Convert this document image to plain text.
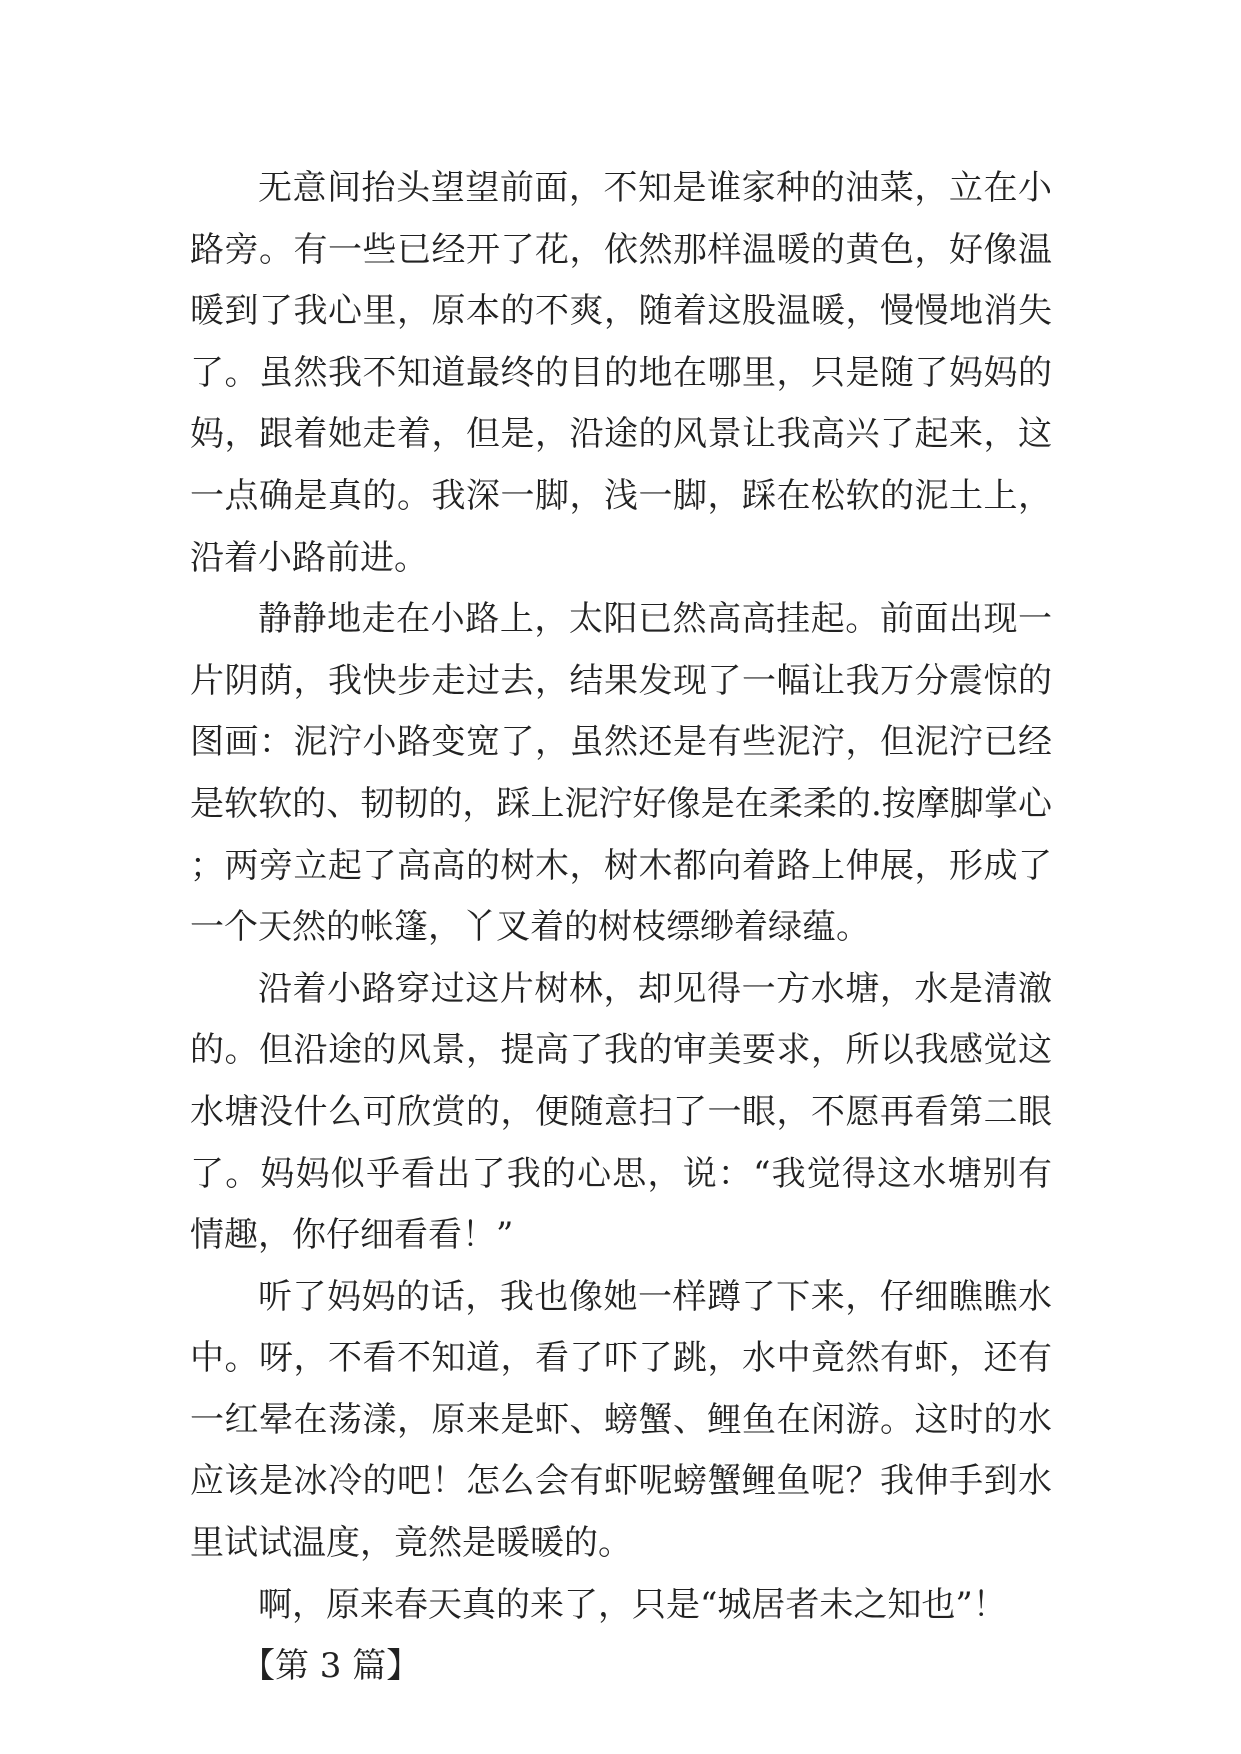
无意间抬头望望前面，不知是谁家种的油菜，立在小路旁。有一些已经开了花，依然那样温暖的黄色，好像温暖到了我心里，原本的不爽，随着这股温暖，慢慢地消失了。虽然我不知道最终的目的地在哪里，只是随了妈妈的妈，跟着她走着，但是，沿途的风景让我高兴了起来，这一点确是真的。我深一脚，浅一脚，踩在松软的泥土上，沿着小路前进。

静静地走在小路上，太阳已然高高挂起。前面出现一片阴荫，我快步走过去，结果发现了一幅让我万分震惊的图画：泥泞小路变宽了，虽然还是有些泥泞，但泥泞已经是软软的、韧韧的，踩上泥泞好像是在柔柔的.按摩脚掌心；两旁立起了高高的树木，树木都向着路上伸展，形成了一个天然的帐篷，丫叉着的树枝缥缈着绿蕴。

沿着小路穿过这片树林，却见得一方水塘，水是清澈的。但沿途的风景，提高了我的审美要求，所以我感觉这水塘没什么可欣赏的，便随意扫了一眼，不愿再看第二眼了。妈妈似乎看出了我的心思，说：“我觉得这水塘别有情趣，你仔细看看！”

听了妈妈的话，我也像她一样蹲了下来，仔细瞧瞧水中。呀，不看不知道，看了吓了跳，水中竟然有虾，还有一红晕在荡漾，原来是虾、螃蟹、鲤鱼在闲游。这时的水应该是冰冷的吧！怎么会有虾呢螃蟹鲤鱼呢？我伸手到水里试试温度，竟然是暖暖的。

啊，原来春天真的来了，只是“城居者未之知也”！

【第 3 篇】
